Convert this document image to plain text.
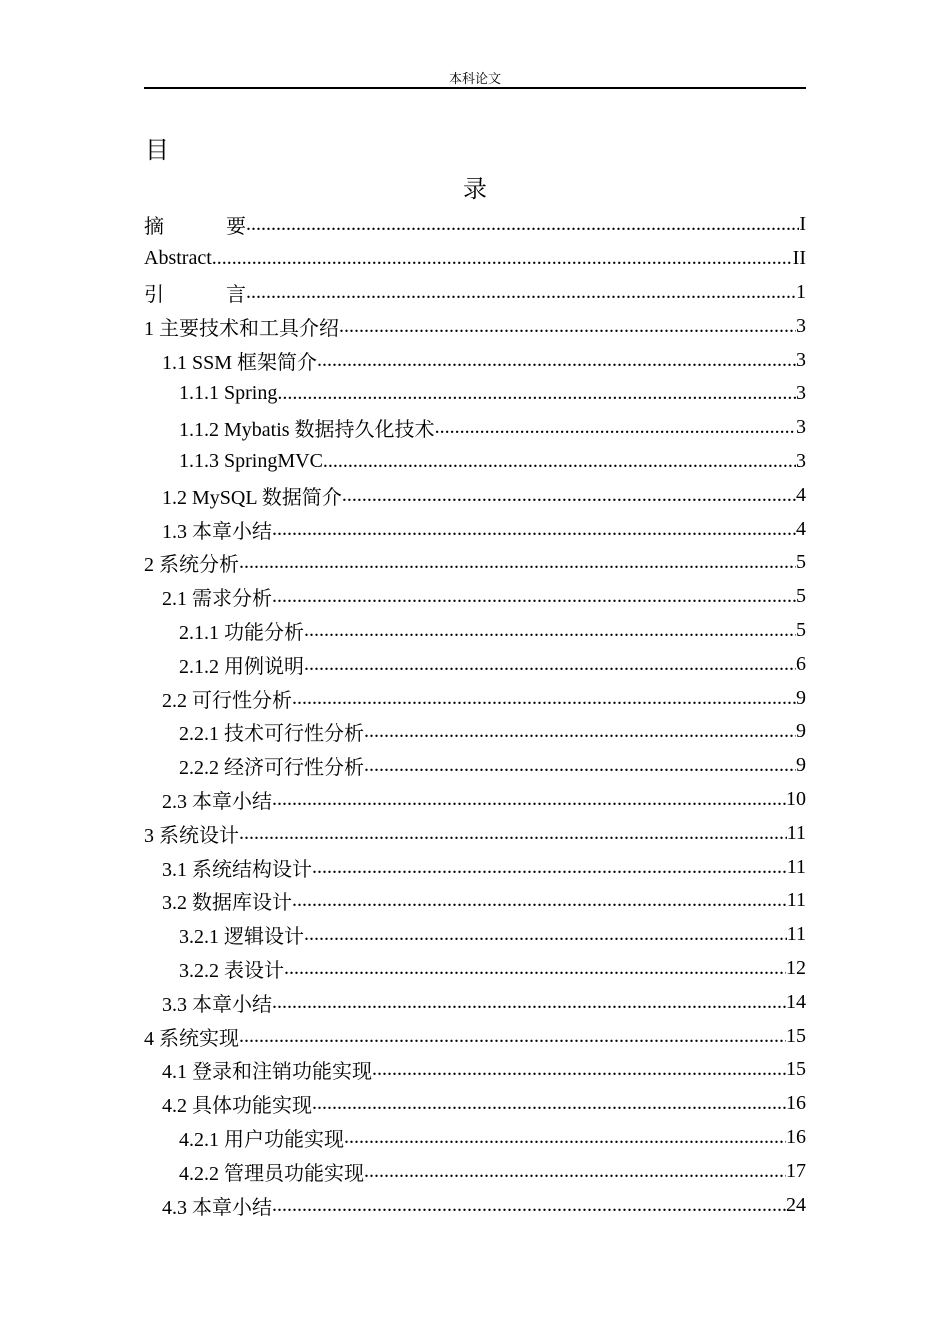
本科论文
目
录
摘	要 .....	I
Abstract .....	II
引	言 .....	1
1 主要技术和工具介绍 .....	3
1.1 SSM 框架简介 .....	3
1.1.1 Spring .....	3
1.1.2 Mybatis 数据持久化技术 .....	3
1.1.3 SpringMVC .....	3
1.2 MySQL 数据简介 .....	4
1.3 本章小结 .....	4
2 系统分析 .....	5
2.1 需求分析 .....	5
2.1.1 功能分析 .....	5
2.1.2 用例说明 .....	6
2.2 可行性分析 .....	9
2.2.1 技术可行性分析 .....	9
2.2.2 经济可行性分析 .....	9
2.3 本章小结 .....	10
3 系统设计 .....	11
3.1 系统结构设计 .....	11
3.2 数据库设计 .....	11
3.2.1 逻辑设计 .....	11
3.2.2 表设计 .....	12
3.3 本章小结 .....	14
4 系统实现 .....	15
4.1 登录和注销功能实现 .....	15
4.2 具体功能实现 .....	16
4.2.1 用户功能实现 .....	16
4.2.2 管理员功能实现 .....	17
4.3 本章小结 .....	24
